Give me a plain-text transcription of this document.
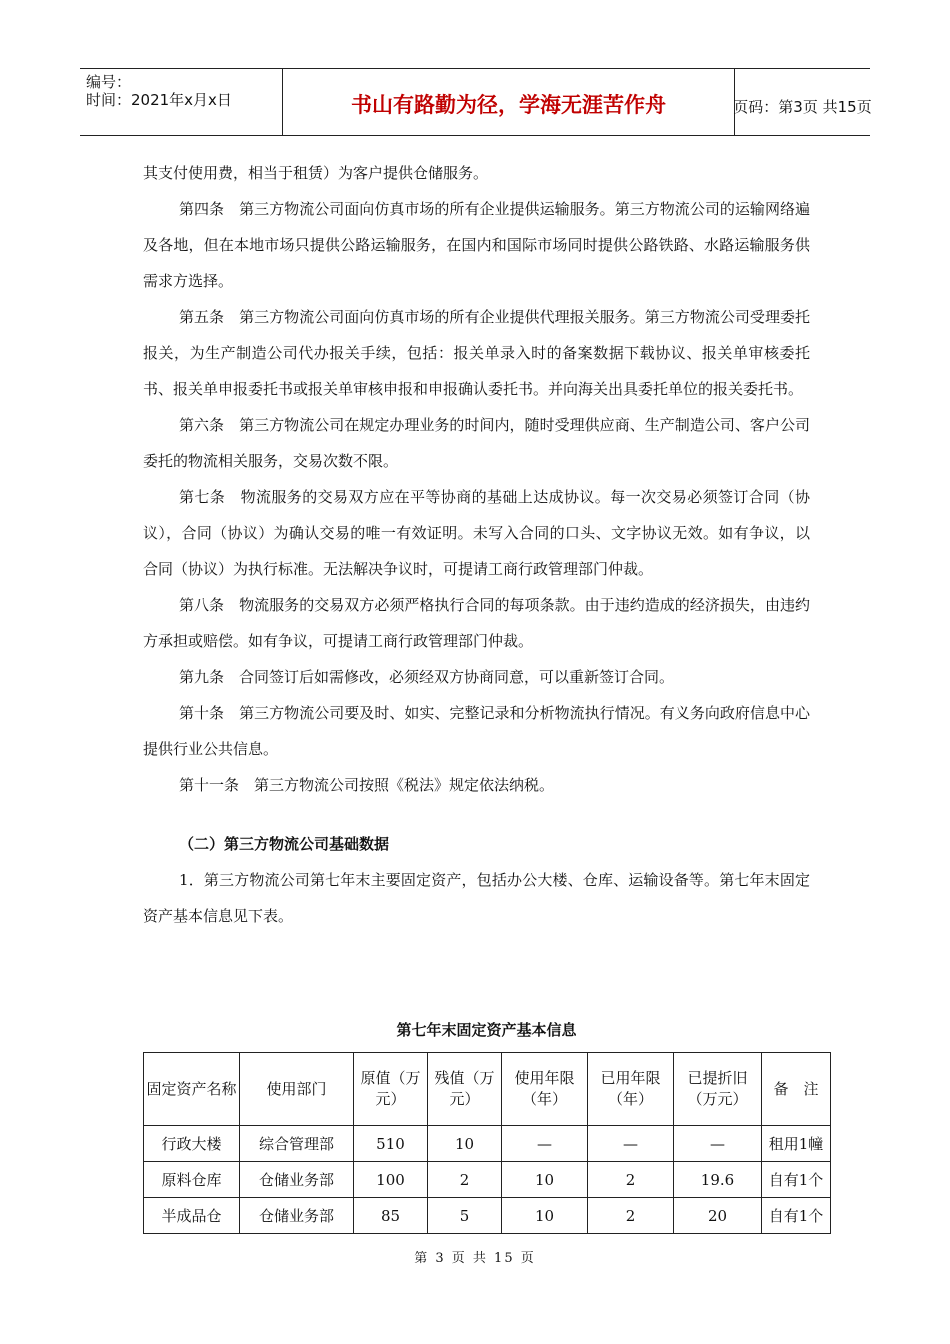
编号：
时间：2021年x月x日	书山有路勤为径，学海无涯苦作舟	页码：第3页 共15页

其支付使用费，相当于租赁）为客户提供仓储服务。

第四条　第三方物流公司面向仿真市场的所有企业提供运输服务。第三方物流公司的运输网络遍及各地，但在本地市场只提供公路运输服务，在国内和国际市场同时提供公路铁路、水路运输服务供需求方选择。

第五条　第三方物流公司面向仿真市场的所有企业提供代理报关服务。第三方物流公司受理委托报关，为生产制造公司代办报关手续，包括：报关单录入时的备案数据下载协议、报关单审核委托书、报关单申报委托书或报关单审核申报和申报确认委托书。并向海关出具委托单位的报关委托书。

第六条　第三方物流公司在规定办理业务的时间内，随时受理供应商、生产制造公司、客户公司委托的物流相关服务，交易次数不限。

第七条　物流服务的交易双方应在平等协商的基础上达成协议。每一次交易必须签订合同（协议），合同（协议）为确认交易的唯一有效证明。未写入合同的口头、文字协议无效。如有争议，以合同（协议）为执行标准。无法解决争议时，可提请工商行政管理部门仲裁。

第八条　物流服务的交易双方必须严格执行合同的每项条款。由于违约造成的经济损失，由违约方承担或赔偿。如有争议，可提请工商行政管理部门仲裁。

第九条　合同签订后如需修改，必须经双方协商同意，可以重新签订合同。

第十条　第三方物流公司要及时、如实、完整记录和分析物流执行情况。有义务向政府信息中心提供行业公共信息。

第十一条　第三方物流公司按照《税法》规定依法纳税。

（二）第三方物流公司基础数据

1．第三方物流公司第七年末主要固定资产，包括办公大楼、仓库、运输设备等。第七年末固定资产基本信息见下表。

第七年末固定资产基本信息
固定资产名称	使用部门	原值（万元）	残值（万元）	使用年限（年）	已用年限（年）	已提折旧（万元）	备　注
行政大楼	综合管理部	510	10	—	—	—	租用1幢
原料仓库	仓储业务部	100	2	10	2	19.6	自有1个
半成品仓	仓储业务部	85	5	10	2	20	自有1个
第 3 页 共 15 页
